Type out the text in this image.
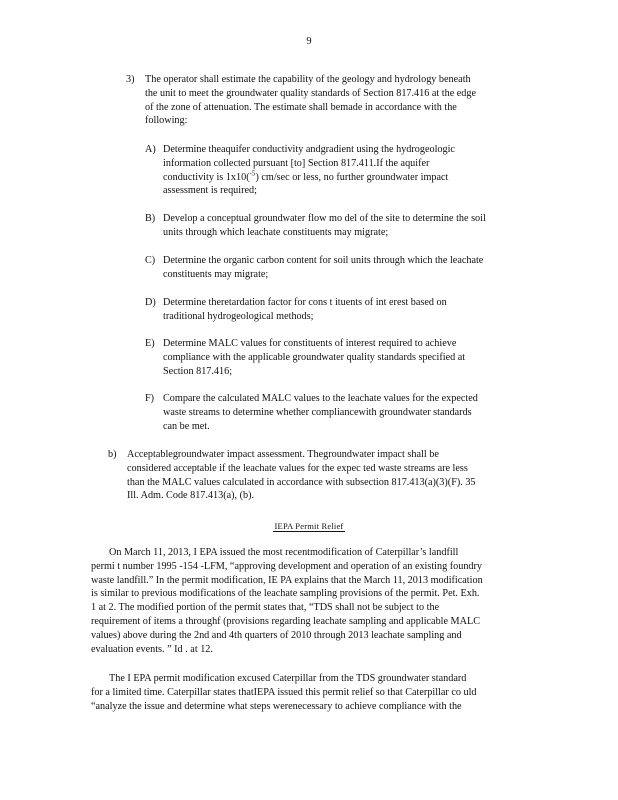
9
3) The operator shall estimate the capability of the geology and hydrology beneath
the unit to meet the groundwater quality standards of Section 817.416 at the edge
of the zone of attenuation. The estimate shall bemade in accordance with the
following:
A) Determine theaquifer conductivity andgradient using the hydrogeologic
information collected pursuant [to] Section 817.411.If the aquifer
conductivity is 1x10($^{-5}$) cm/sec or less, no further groundwater impact
assessment is required;
B) Develop a conceptual groundwater flow mo del of the site to determine the soil
units through which leachate constituents may migrate;
C) Determine the organic carbon content for soil units through which the leachate
constituents may migrate;
D) Determine theretardation factor for cons t ituents of int erest based on
traditional hydrogeological methods;
E) Determine MALC values for constituents of interest required to achieve
compliance with the applicable groundwater quality standards specified at
Section 817.416;
F) Compare the calculated MALC values to the leachate values for the expected
waste streams to determine whether compliancewith groundwater standards
can be met.
b) Acceptablegroundwater impact assessment. Thegroundwater impact shall be
considered acceptable if the leachate values for the expec ted waste streams are less
than the MALC values calculated in accordance with subsection 817.413(a)(3)(F). 35
Ill. Adm. Code 817.413(a), (b).
IEPA Permit Relief
On March 11, 2013, I EPA issued the most recentmodification of Caterpillar’s landfill
permi t number 1995 -154 -LFM, “approving development and operation of an existing foundry
waste landfill.” In the permit modification, IE PA explains that the March 11, 2013 modification
is similar to previous modifications of the leachate sampling provisions of the permit. Pet. Exh.
1 at 2. The modified portion of the permit states that, “TDS shall not be subject to the
requirement of items a throughf (provisions regarding leachate sampling and applicable MALC
values) above during the 2nd and 4th quarters of 2010 through 2013 leachate sampling and
evaluation events. ” Id . at 12.
The I EPA permit modification excused Caterpillar from the TDS groundwater standard
for a limited time. Caterpillar states thatIEPA issued this permit relief so that Caterpillar co uld
“analyze the issue and determine what steps werenecessary to achieve compliance with the
